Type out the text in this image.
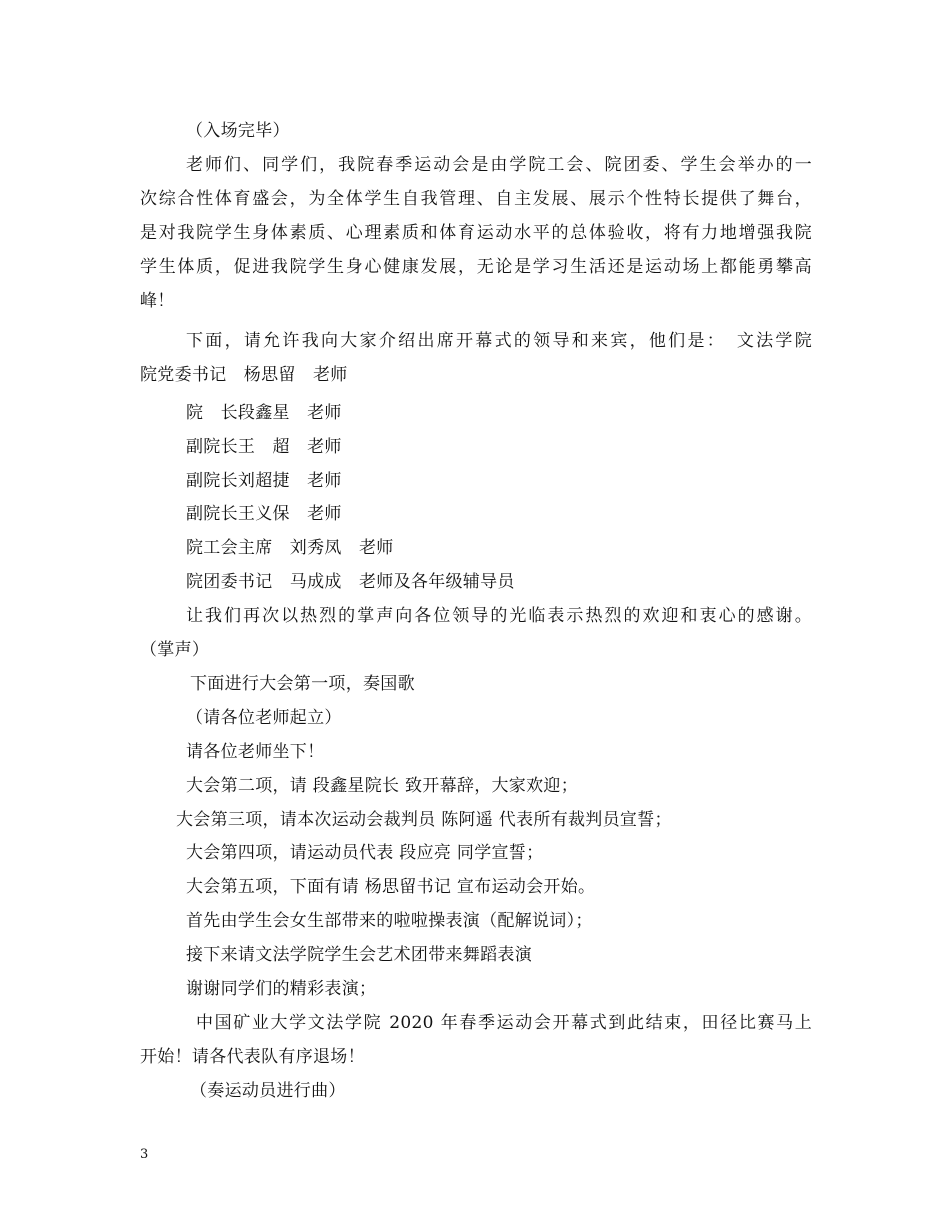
（入场完毕）
老师们、同学们，我院春季运动会是由学院工会、院团委、学生会举办的一
次综合性体育盛会，为全体学生自我管理、自主发展、展示个性特长提供了舞台，
是对我院学生身体素质、心理素质和体育运动水平的总体验收，将有力地增强我院
学生体质，促进我院学生身心健康发展，无论是学习生活还是运动场上都能勇攀高
峰！
下面，请允许我向大家介绍出席开幕式的领导和来宾，他们是：　文法学院
院党委书记　杨思留　老师
院　长段鑫星　老师
副院长王　超　老师
副院长刘超捷　老师
副院长王义保　老师
院工会主席　刘秀凤　老师
院团委书记　马成成　老师及各年级辅导员
让我们再次以热烈的掌声向各位领导的光临表示热烈的欢迎和衷心的感谢。
（掌声）
下面进行大会第一项，奏国歌
（请各位老师起立）
请各位老师坐下！
大会第二项，请 段鑫星院长 致开幕辞，大家欢迎；
大会第三项，请本次运动会裁判员 陈阿遥 代表所有裁判员宣誓；
大会第四项，请运动员代表 段应亮 同学宣誓；
大会第五项，下面有请 杨思留书记 宣布运动会开始。
首先由学生会女生部带来的啦啦操表演（配解说词）；
接下来请文法学院学生会艺术团带来舞蹈表演
谢谢同学们的精彩表演；
中国矿业大学文法学院 2020 年春季运动会开幕式到此结束，田径比赛马上
开始！请各代表队有序退场！
（奏运动员进行曲）
3
